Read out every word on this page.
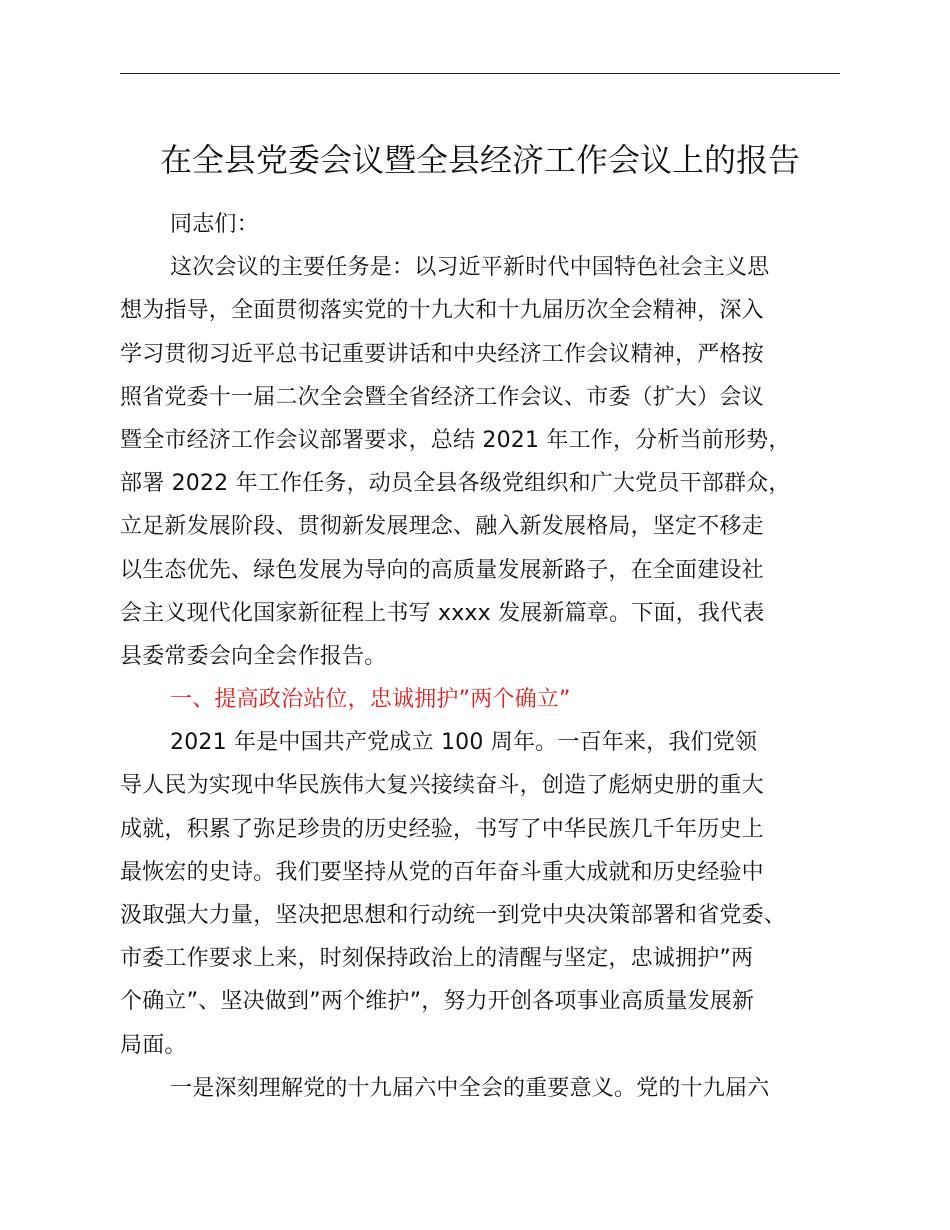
在全县党委会议暨全县经济工作会议上的报告
同志们：
这次会议的主要任务是：以习近平新时代中国特色社会主义思
想为指导，全面贯彻落实党的十九大和十九届历次全会精神，深入
学习贯彻习近平总书记重要讲话和中央经济工作会议精神，严格按
照省党委十一届二次全会暨全省经济工作会议、市委（扩大）会议
暨全市经济工作会议部署要求，总结 2021 年工作，分析当前形势，
部署 2022 年工作任务，动员全县各级党组织和广大党员干部群众，
立足新发展阶段、贯彻新发展理念、融入新发展格局，坚定不移走
以生态优先、绿色发展为导向的高质量发展新路子，在全面建设社
会主义现代化国家新征程上书写 xxxx 发展新篇章。下面，我代表
县委常委会向全会作报告。
一、提高政治站位，忠诚拥护”两个确立”
2021 年是中国共产党成立 100 周年。一百年来，我们党领
导人民为实现中华民族伟大复兴接续奋斗，创造了彪炳史册的重大
成就，积累了弥足珍贵的历史经验，书写了中华民族几千年历史上
最恢宏的史诗。我们要坚持从党的百年奋斗重大成就和历史经验中
汲取强大力量，坚决把思想和行动统一到党中央决策部署和省党委、
市委工作要求上来，时刻保持政治上的清醒与坚定，忠诚拥护”两
个确立”、坚决做到”两个维护”，努力开创各项事业高质量发展新
局面。
一是深刻理解党的十九届六中全会的重要意义。党的十九届六
